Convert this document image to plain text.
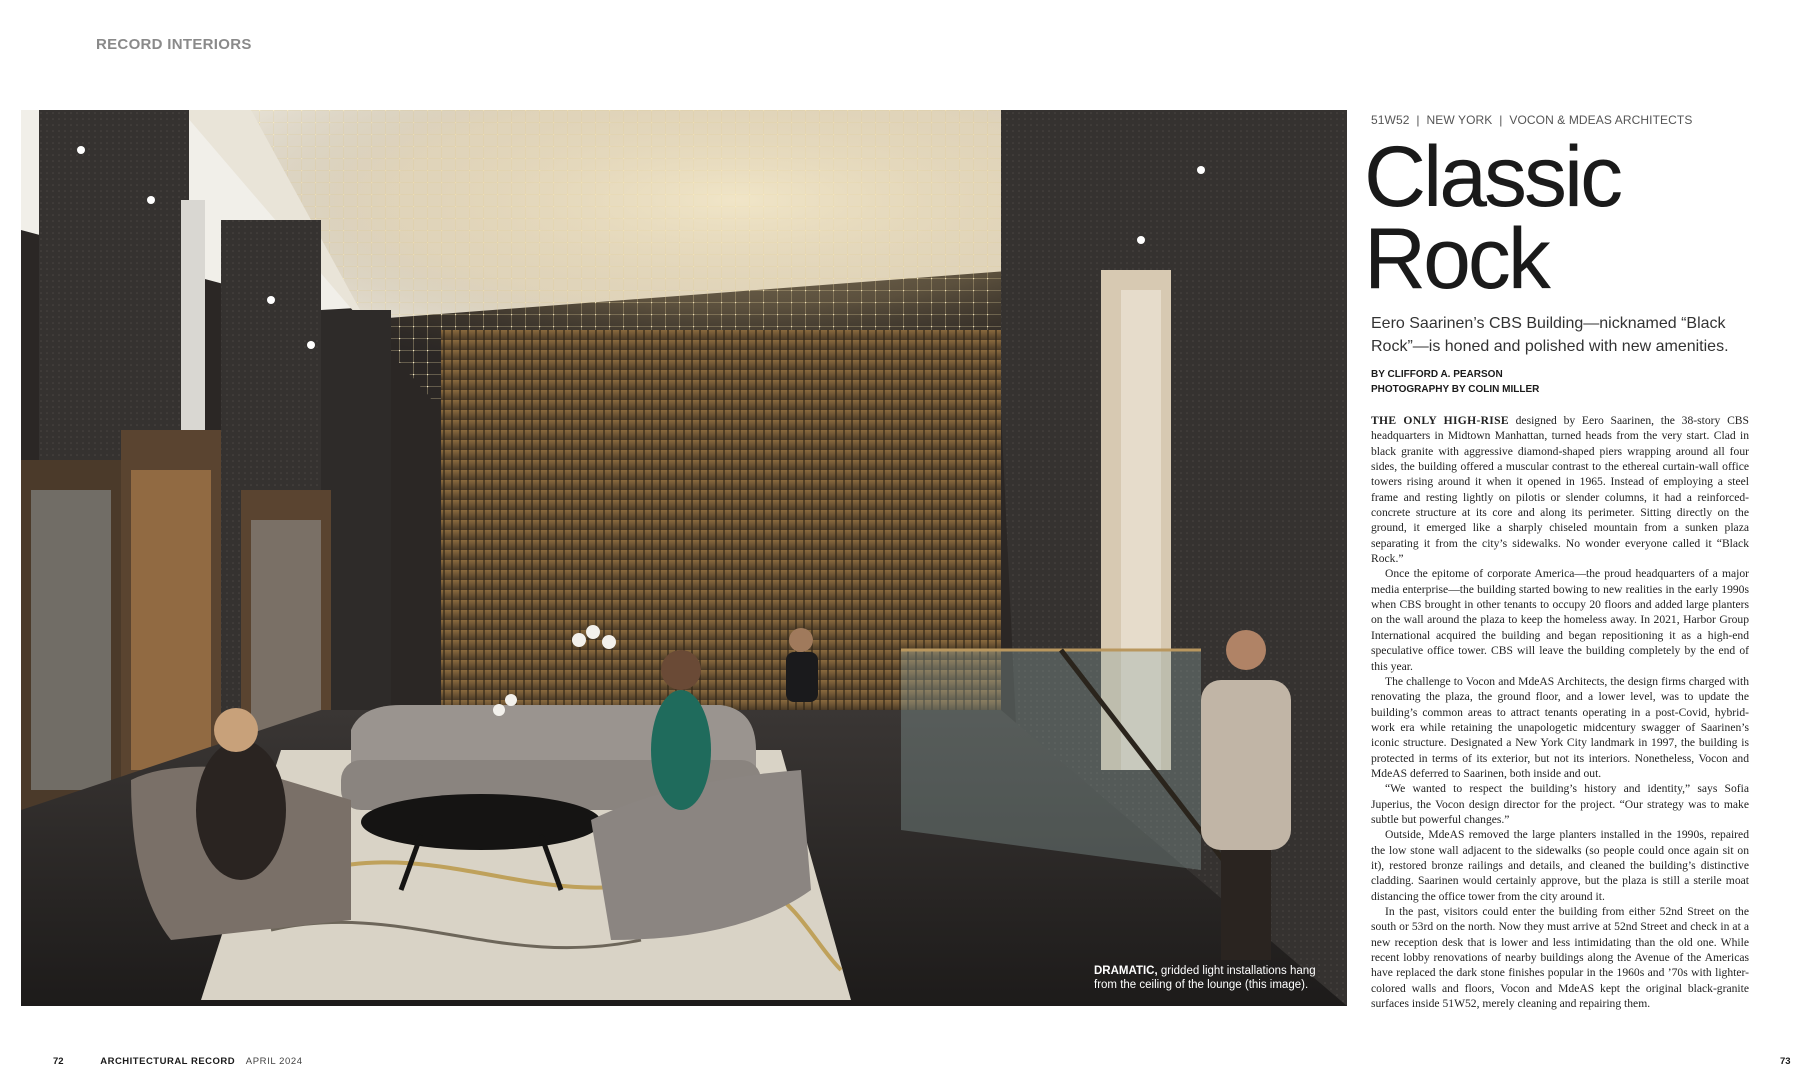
RECORD INTERIORS
DRAMATIC, gridded light installations hang from the ceiling of the lounge (this image).
51W52  |  NEW YORK  |  VOCON & MDEAS ARCHITECTS
Classic
Rock
Eero Saarinen’s CBS Building—nicknamed “Black Rock”—is honed and polished with new amenities.
BY CLIFFORD A. PEARSON
PHOTOGRAPHY BY COLIN MILLER

THE ONLY HIGH-RISE designed by Eero Saarinen, the 38-story CBS headquarters in Midtown Manhattan, turned heads from the very start. Clad in black granite with aggressive diamond-shaped piers wrapping around all four sides, the building offered a muscular contrast to the ethereal curtain-wall office towers rising around it when it opened in 1965. Instead of employing a steel frame and resting lightly on pilotis or slender columns, it had a reinforced-concrete structure at its core and along its perimeter. Sitting directly on the ground, it emerged like a sharply chiseled mountain from a sunken plaza separating it from the city’s sidewalks. No wonder everyone called it “Black Rock.”

Once the epitome of corporate America—the proud headquarters of a major media enterprise—the building started bowing to new realities in the early 1990s when CBS brought in other tenants to occupy 20 floors and added large planters on the wall around the plaza to keep the homeless away. In 2021, Harbor Group International acquired the building and began repositioning it as a high-end speculative office tower. CBS will leave the building completely by the end of this year.

The challenge to Vocon and MdeAS Architects, the design firms charged with renovating the plaza, the ground floor, and a lower level, was to update the building’s common areas to attract tenants operating in a post-Covid, hybrid-work era while retaining the unapologetic midcentury swagger of Saarinen’s iconic structure. Designated a New York City landmark in 1997, the building is protected in terms of its exterior, but not its interiors. Nonetheless, Vocon and MdeAS deferred to Saarinen, both inside and out.

“We wanted to respect the building’s history and identity,” says Sofia Juperius, the Vocon design director for the project. “Our strategy was to make subtle but powerful changes.”

Outside, MdeAS removed the large planters installed in the 1990s, repaired the low stone wall adjacent to the sidewalks (so people could once again sit on it), restored bronze railings and details, and cleaned the building’s distinctive cladding. Saarinen would certainly approve, but the plaza is still a sterile moat distancing the office tower from the city around it.

In the past, visitors could enter the building from either 52nd Street on the south or 53rd on the north. Now they must arrive at 52nd Street and check in at a new reception desk that is lower and less intimidating than the old one. While recent lobby renovations of nearby buildings along the Avenue of the Americas have replaced the dark stone finishes popular in the 1960s and ’70s with lighter-colored walls and floors, Vocon and MdeAS kept the original black-granite surfaces inside 51W52, merely cleaning and repairing them.

72	ARCHITECTURAL RECORD APRIL 2024	73
